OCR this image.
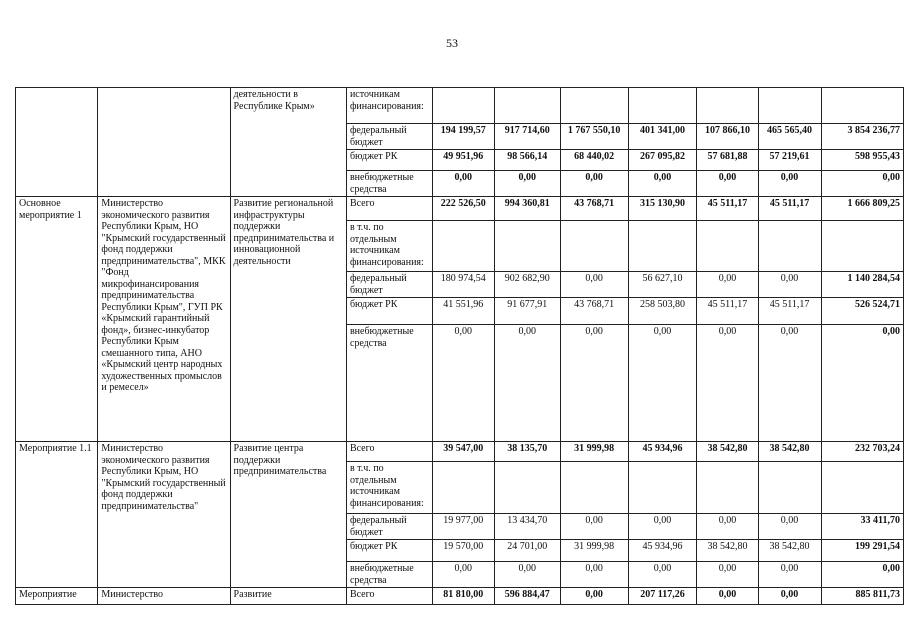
53
		деятельности в Республике Крым»	источникам финансирования:							
			федеральный бюджет	194 199,57	917 714,60	1 767 550,10	401 341,00	107 866,10	465 565,40	3 854 236,77
			бюджет РК	49 951,96	98 566,14	68 440,02	267 095,82	57 681,88	57 219,61	598 955,43
			внебюджетные средства	0,00	0,00	0,00	0,00	0,00	0,00	0,00
Основное мероприятие 1	Министерство экономического развития Республики Крым, НО "Крымский государственный фонд поддержки предпринимательства", МКК "Фонд микрофинансирования предпринимательства Республики Крым", ГУП РК «Крымский гарантийный фонд», бизнес-инкубатор Республики Крым смешанного типа, АНО «Крымский центр народных художественных промыслов и ремесел»	Развитие региональной инфраструктуры поддержки предпринимательства и инновационной деятельности	Всего	222 526,50	994 360,81	43 768,71	315 130,90	45 511,17	45 511,17	1 666 809,25
			в т.ч. по отдельным источникам финансирования:							
			федеральный бюджет	180 974,54	902 682,90	0,00	56 627,10	0,00	0,00	1 140 284,54
			бюджет РК	41 551,96	91 677,91	43 768,71	258 503,80	45 511,17	45 511,17	526 524,71
			внебюджетные средства	0,00	0,00	0,00	0,00	0,00	0,00	0,00
Мероприятие 1.1	Министерство экономического развития Республики Крым, НО "Крымский государственный фонд поддержки предпринимательства"	Развитие центра поддержки предпринимательства	Всего	39 547,00	38 135,70	31 999,98	45 934,96	38 542,80	38 542,80	232 703,24
			в т.ч. по отдельным источникам финансирования:							
			федеральный бюджет	19 977,00	13 434,70	0,00	0,00	0,00	0,00	33 411,70
			бюджет РК	19 570,00	24 701,00	31 999,98	45 934,96	38 542,80	38 542,80	199 291,54
			внебюджетные средства	0,00	0,00	0,00	0,00	0,00	0,00	0,00
Мероприятие	Министерство	Развитие	Всего	81 810,00	596 884,47	0,00	207 117,26	0,00	0,00	885 811,73
